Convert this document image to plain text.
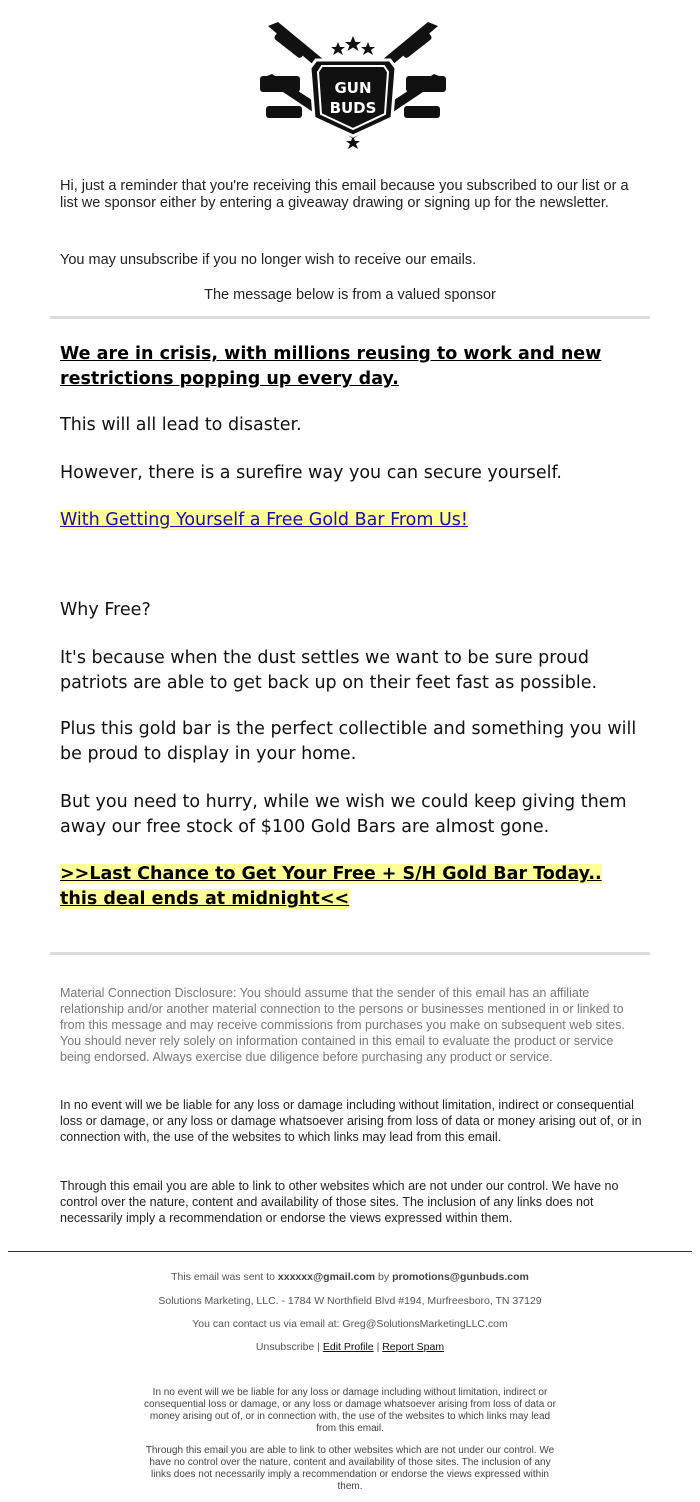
GUN
BUDS
Hi, just a reminder that you're receiving this email because you subscribed to our list or a list we sponsor either by entering a giveaway drawing or signing up for the newsletter.
You may unsubscribe if you no longer wish to receive our emails.
The message below is from a valued sponsor
We are in crisis, with millions reusing to work and new restrictions popping up every day.
This will all lead to disaster.
However, there is a surefire way you can secure yourself.
With Getting Yourself a Free Gold Bar From Us!
Why Free?
It's because when the dust settles we want to be sure proud patriots are able to get back up on their feet fast as possible.
Plus this gold bar is the perfect collectible and something you will be proud to display in your home.
But you need to hurry, while we wish we could keep giving them away our free stock of $100 Gold Bars are almost gone.
>>Last Chance to Get Your Free + S/H Gold Bar Today.. this deal ends at midnight<<
Material Connection Disclosure: You should assume that the sender of this email has an affiliate relationship and/or another material connection to the persons or businesses mentioned in or linked to from this message and may receive commissions from purchases you make on subsequent web sites. You should never rely solely on information contained in this email to evaluate the product or service being endorsed. Always exercise due diligence before purchasing any product or service.
In no event will we be liable for any loss or damage including without limitation, indirect or consequential loss or damage, or any loss or damage whatsoever arising from loss of data or money arising out of, or in connection with, the use of the websites to which links may lead from this email.
Through this email you are able to link to other websites which are not under our control. We have no control over the nature, content and availability of those sites. The inclusion of any links does not necessarily imply a recommendation or endorse the views expressed within them.
This email was sent to xxxxxx@gmail.com by promotions@gunbuds.com
Solutions Marketing, LLC. - 1784 W Northfield Blvd #194, Murfreesboro, TN 37129
You can contact us via email at: Greg@SolutionsMarketingLLC.com
Unsubscribe | Edit Profile | Report Spam
In no event will we be liable for any loss or damage including without limitation, indirect or consequential loss or damage, or any loss or damage whatsoever arising from loss of data or money arising out of, or in connection with, the use of the websites to which links may lead from this email.
Through this email you are able to link to other websites which are not under our control. We have no control over the nature, content and availability of those sites. The inclusion of any links does not necessarily imply a recommendation or endorse the views expressed within them.
